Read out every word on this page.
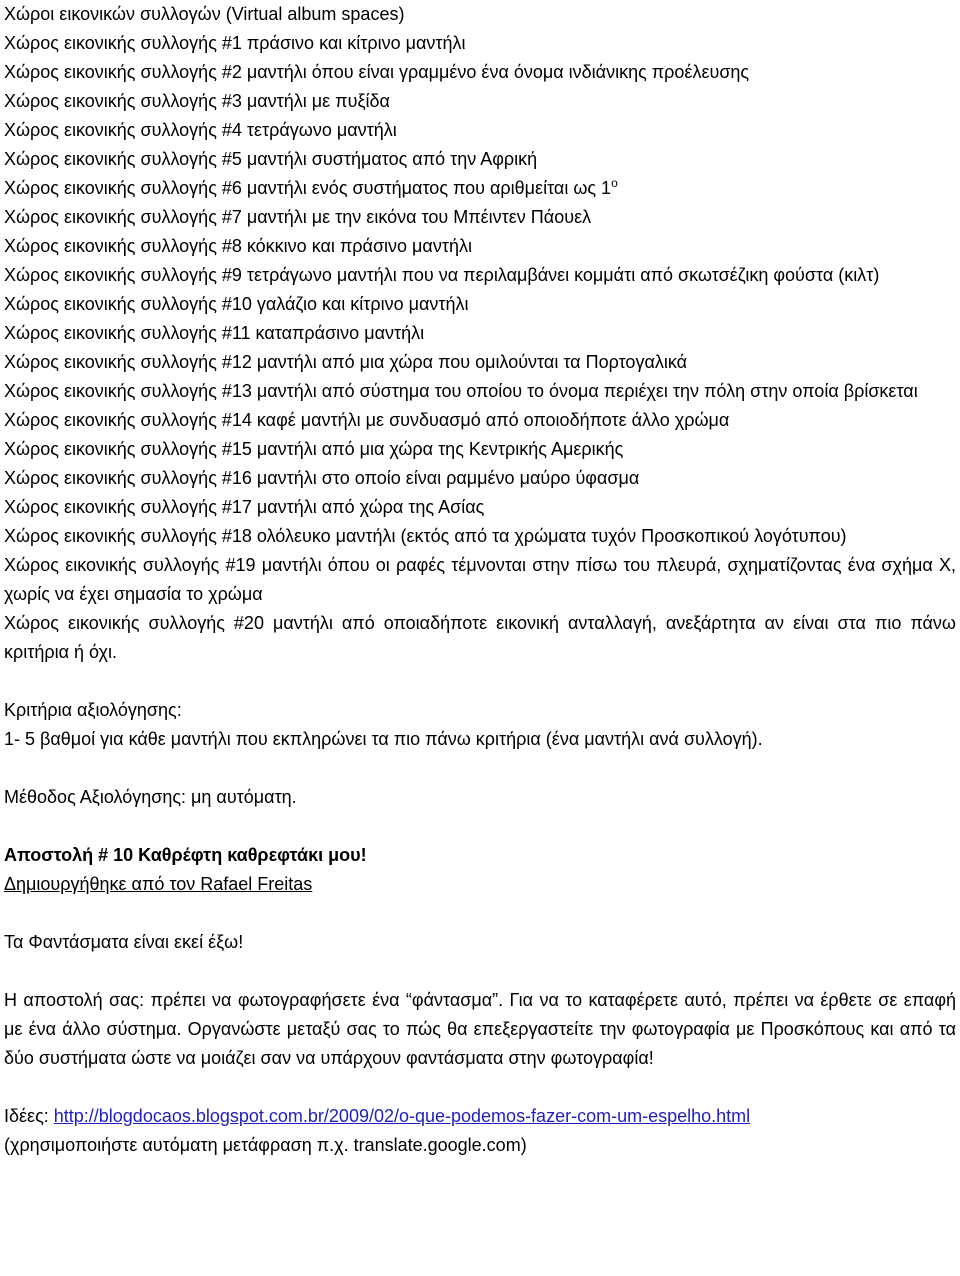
Χώροι εικονικών συλλογών (Virtual album spaces)
Χώρος εικονικής συλλογής #1 πράσινο και κίτρινο μαντήλι
Χώρος εικονικής συλλογής #2 μαντήλι όπου είναι γραμμένο ένα όνομα ινδιάνικης προέλευσης
Χώρος εικονικής συλλογής #3 μαντήλι με πυξίδα
Χώρος εικονικής συλλογής #4 τετράγωνο μαντήλι
Χώρος εικονικής συλλογής #5 μαντήλι συστήματος από την Αφρική
Χώρος εικονικής συλλογής #6 μαντήλι ενός συστήματος που αριθμείται ως $1^o$
Χώρος εικονικής συλλογής #7 μαντήλι με την εικόνα του Μπέιντεν Πάουελ
Χώρος εικονικής συλλογής #8 κόκκινο και πράσινο μαντήλι
Χώρος εικονικής συλλογής #9 τετράγωνο μαντήλι που να περιλαμβάνει κομμάτι από σκωτσέζικη φούστα (κιλτ)
Χώρος εικονικής συλλογής #10 γαλάζιο και κίτρινο μαντήλι
Χώρος εικονικής συλλογής #11 καταπράσινο μαντήλι
Χώρος εικονικής συλλογής #12 μαντήλι από μια χώρα που ομιλούνται τα Πορτογαλικά
Χώρος εικονικής συλλογής #13 μαντήλι από σύστημα του οποίου το όνομα περιέχει την πόλη στην οποία βρίσκεται
Χώρος εικονικής συλλογής #14 καφέ μαντήλι με συνδυασμό από οποιοδήποτε άλλο χρώμα
Χώρος εικονικής συλλογής #15 μαντήλι από μια χώρα της Κεντρικής Αμερικής
Χώρος εικονικής συλλογής #16 μαντήλι στο οποίο είναι ραμμένο μαύρο ύφασμα
Χώρος εικονικής συλλογής #17 μαντήλι από χώρα της Ασίας
Χώρος εικονικής συλλογής #18 ολόλευκο μαντήλι (εκτός από τα χρώματα τυχόν Προσκοπικού λογότυπου)
Χώρος εικονικής συλλογής #19 μαντήλι όπου οι ραφές τέμνονται στην πίσω του πλευρά, σχηματίζοντας ένα σχήμα Χ, χωρίς να έχει σημασία το χρώμα
Χώρος εικονικής συλλογής #20 μαντήλι από οποιαδήποτε εικονική ανταλλαγή, ανεξάρτητα αν είναι στα πιο πάνω κριτήρια ή όχι.
Κριτήρια αξιολόγησης:
1- 5 βαθμοί για κάθε μαντήλι που εκπληρώνει τα πιο πάνω κριτήρια (ένα μαντήλι ανά συλλογή).
Μέθοδος Αξιολόγησης: μη αυτόματη.
Αποστολή # 10 Καθρέφτη καθρεφτάκι μου!
Δημιουργήθηκε από τον Rafael Freitas
Τα Φαντάσματα είναι εκεί έξω!
Η αποστολή σας: πρέπει να φωτογραφήσετε ένα “φάντασμα”. Για να το καταφέρετε αυτό, πρέπει να έρθετε σε επαφή με ένα άλλο σύστημα. Οργανώστε μεταξύ σας το πώς θα επεξεργαστείτε την φωτογραφία με Προσκόπους και από τα δύο συστήματα ώστε να μοιάζει σαν να υπάρχουν φαντάσματα στην φωτογραφία!
Ιδέες: http://blogdocaos.blogspot.com.br/2009/02/o-que-podemos-fazer-com-um-espelho.html
(χρησιμοποιήστε αυτόματη μετάφραση π.χ. translate.google.com)
